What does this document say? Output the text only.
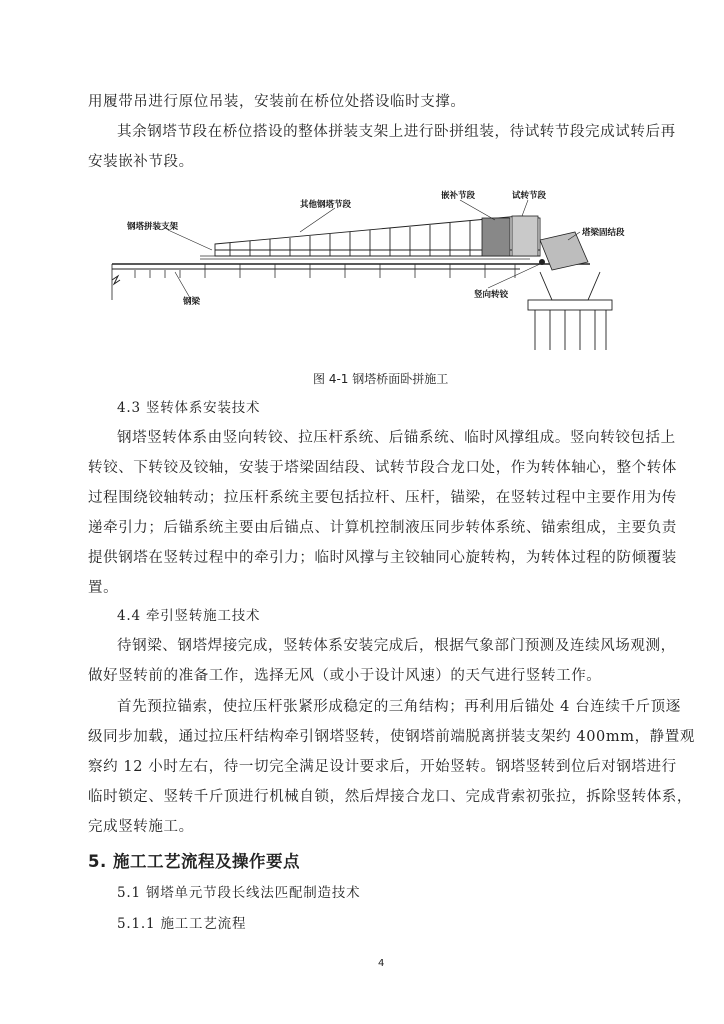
用履带吊进行原位吊装，安装前在桥位处搭设临时支撑。
其余钢塔节段在桥位搭设的整体拼装支架上进行卧拼组装，待试转节段完成试转后再
安装嵌补节段。
其他钢塔节段
嵌补节段	试转节段
钢塔拼装支架
塔梁固结段
钢梁
竖向转铰
图 4-1 钢塔桥面卧拼施工
4.3 竖转体系安装技术
钢塔竖转体系由竖向转铰、拉压杆系统、后锚系统、临时风撑组成。竖向转铰包括上
转铰、下转铰及铰轴，安装于塔梁固结段、试转节段合龙口处，作为转体轴心，整个转体
过程围绕铰轴转动；拉压杆系统主要包括拉杆、压杆，锚梁，在竖转过程中主要作用为传
递牵引力；后锚系统主要由后锚点、计算机控制液压同步转体系统、锚索组成，主要负责
提供钢塔在竖转过程中的牵引力；临时风撑与主铰轴同心旋转构，为转体过程的防倾覆装
置。
4.4 牵引竖转施工技术
待钢梁、钢塔焊接完成，竖转体系安装完成后，根据气象部门预测及连续风场观测，
做好竖转前的准备工作，选择无风（或小于设计风速）的天气进行竖转工作。
首先预拉锚索，使拉压杆张紧形成稳定的三角结构；再利用后锚处 4 台连续千斤顶逐
级同步加载，通过拉压杆结构牵引钢塔竖转，使钢塔前端脱离拼装支架约 400mm，静置观
察约 12 小时左右，待一切完全满足设计要求后，开始竖转。钢塔竖转到位后对钢塔进行
临时锁定、竖转千斤顶进行机械自锁，然后焊接合龙口、完成背索初张拉，拆除竖转体系，
完成竖转施工。
5. 施工工艺流程及操作要点
5.1 钢塔单元节段长线法匹配制造技术
5.1.1 施工工艺流程
4
